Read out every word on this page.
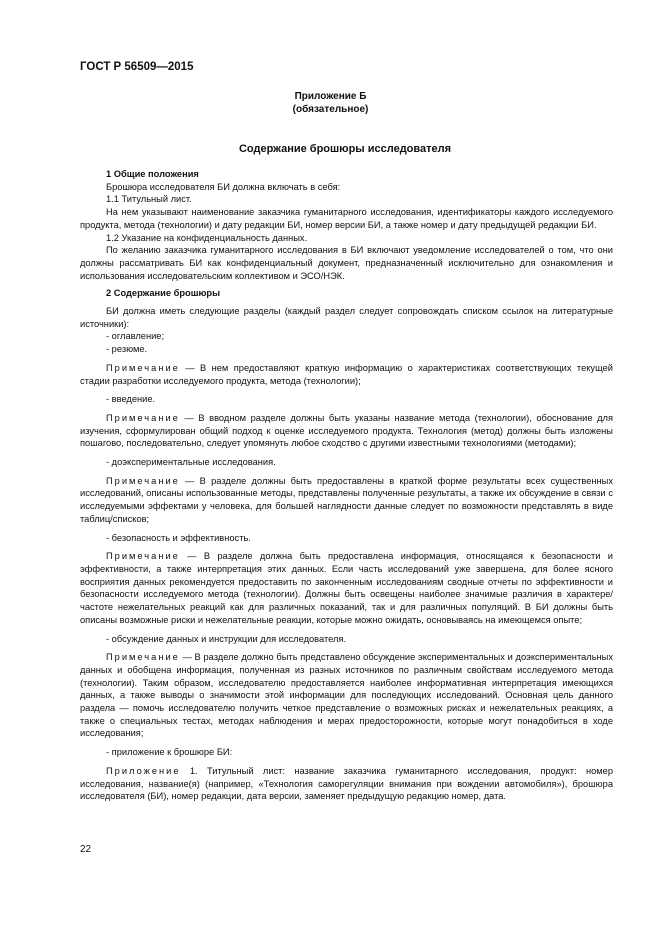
ГОСТ Р 56509—2015
Приложение Б
(обязательное)
Содержание брошюры исследователя

1 Общие положения

Брошюра исследователя БИ должна включать в себя:

1.1 Титульный лист.

На нем указывают наименование заказчика гуманитарного исследования, идентификаторы каждого исследуемого продукта, метода (технологии) и дату редакции БИ, номер версии БИ, а также номер и дату предыдущей редакции БИ.

1.2 Указание на конфиденциальность данных.

По желанию заказчика гуманитарного исследования в БИ включают уведомление исследователей о том, что они должны рассматривать БИ как конфиденциальный документ, предназначенный исключительно для ознакомления и использования исследовательским коллективом и ЭСО/НЭК.

2 Содержание брошюры

БИ должна иметь следующие разделы (каждый раздел следует сопровождать списком ссылок на литературные источники):

- оглавление;

- резюме.

Примечание — В нем предоставляют краткую информацию о характеристиках соответствующих текущей стадии разработки исследуемого продукта, метода (технологии);

- введение.

Примечание — В вводном разделе должны быть указаны название метода (технологии), обоснование для изучения, сформулирован общий подход к оценке исследуемого продукта. Технология (метод) должны быть изложены пошагово, последовательно, следует упомянуть любое сходство с другими известными технологиями (методами);

- доэкспериментальные исследования.

Примечание — В разделе должны быть предоставлены в краткой форме результаты всех существенных исследований, описаны использованные методы, представлены полученные результаты, а также их обсуждение в связи с исследуемыми эффектами у человека, для большей наглядности данные следует по возможности представлять в виде таблиц/списков;

- безопасность и эффективность.

Примечание — В разделе должна быть предоставлена информация, относящаяся к безопасности и эффективности, а также интерпретация этих данных. Если часть исследований уже завершена, для более ясного восприятия данных рекомендуется предоставить по законченным исследованиям сводные отчеты по эффективности и безопасности исследуемого метода (технологии). Должны быть освещены наиболее значимые различия в характере/частоте нежелательных реакций как для различных показаний, так и для различных популяций. В БИ должны быть описаны возможные риски и нежелательные реакции, которые можно ожидать, основываясь на имеющемся опыте;

- обсуждение данных и инструкции для исследователя.

Примечание — В разделе должно быть представлено обсуждение экспериментальных и доэкспериментальных данных и обобщена информация, полученная из разных источников по различным свойствам исследуемого метода (технологии). Таким образом, исследователю предоставляется наиболее информативная интерпретация имеющихся данных, а также выводы о значимости этой информации для последующих исследований. Основная цель данного раздела — помочь исследователю получить четкое представление о возможных рисках и нежелательных реакциях, а также о специальных тестах, методах наблюдения и мерах предосторожности, которые могут понадобиться в ходе исследования;

- приложение к брошюре БИ:

Приложение 1. Титульный лист: название заказчика гуманитарного исследования, продукт: номер исследования, название(я) (например, «Технология саморегуляции внимания при вождении автомобиля»), брошюра исследователя (БИ), номер редакции, дата версии, заменяет предыдущую редакцию номер, дата.

22
